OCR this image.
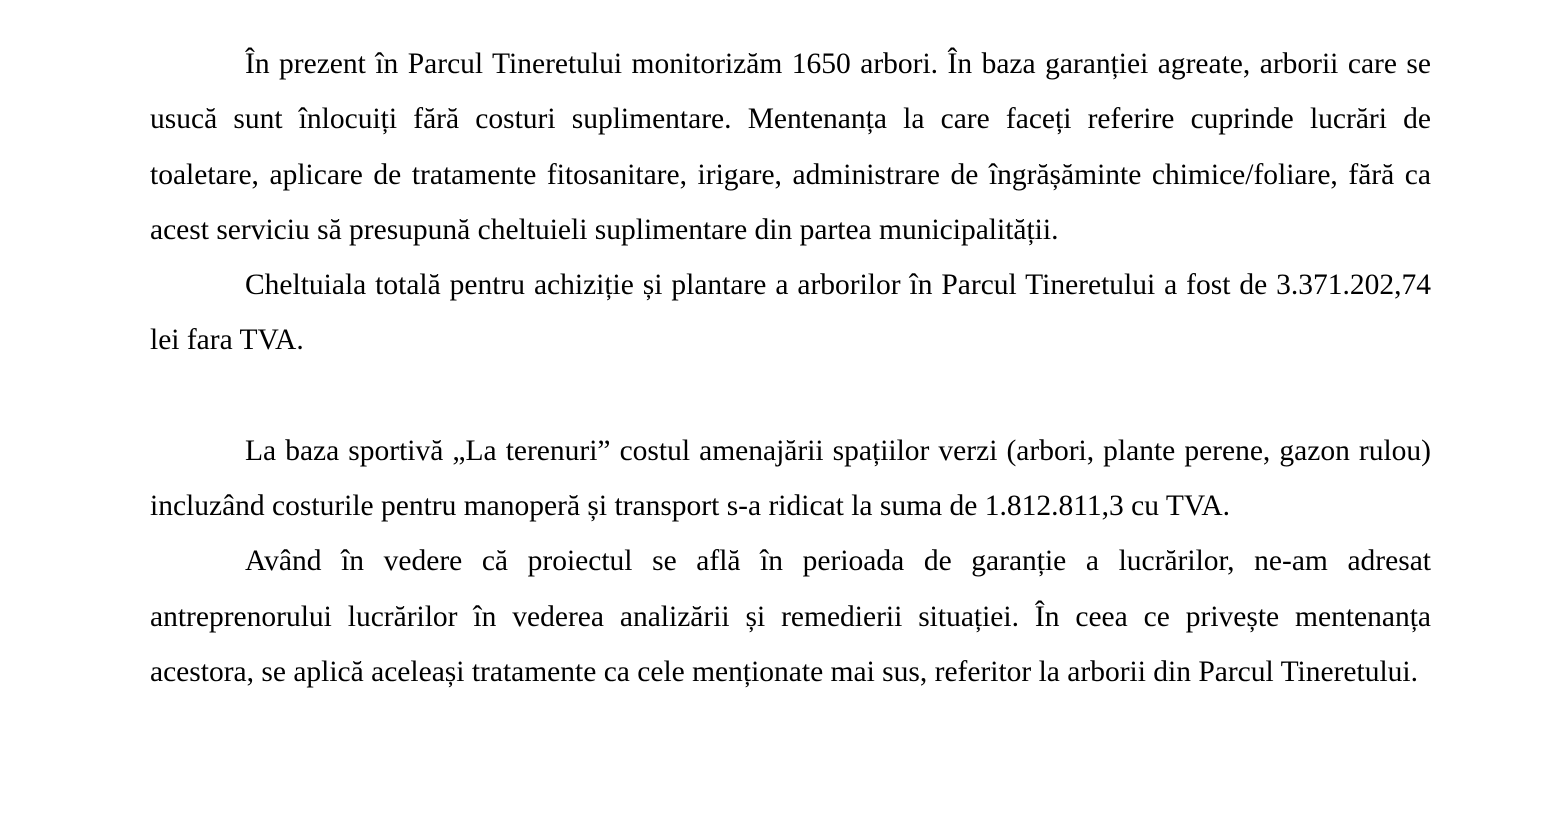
În prezent în Parcul Tineretului monitorizăm 1650 arbori. În baza garanției agreate, arborii care se usucă sunt înlocuiți fără costuri suplimentare. Mentenanța la care faceți referire cuprinde lucrări de toaletare, aplicare de tratamente fitosanitare, irigare, administrare de îngrășăminte chimice/foliare, fără ca acest serviciu să presupună cheltuieli suplimentare din partea municipalității.

Cheltuiala totală pentru achiziție și plantare a arborilor în Parcul Tineretului a fost de 3.371.202,74 lei fara TVA.

La baza sportivă „La terenuri” costul amenajării spațiilor verzi (arbori, plante perene, gazon rulou) incluzând costurile pentru manoperă și transport s-a ridicat la suma de 1.812.811,3 cu TVA.

Având în vedere că proiectul se află în perioada de garanție a lucrărilor, ne-am adresat antreprenorului lucrărilor în vederea analizării și remedierii situației. În ceea ce privește mentenanța acestora, se aplică aceleași tratamente ca cele menționate mai sus, referitor la arborii din Parcul Tineretului.
